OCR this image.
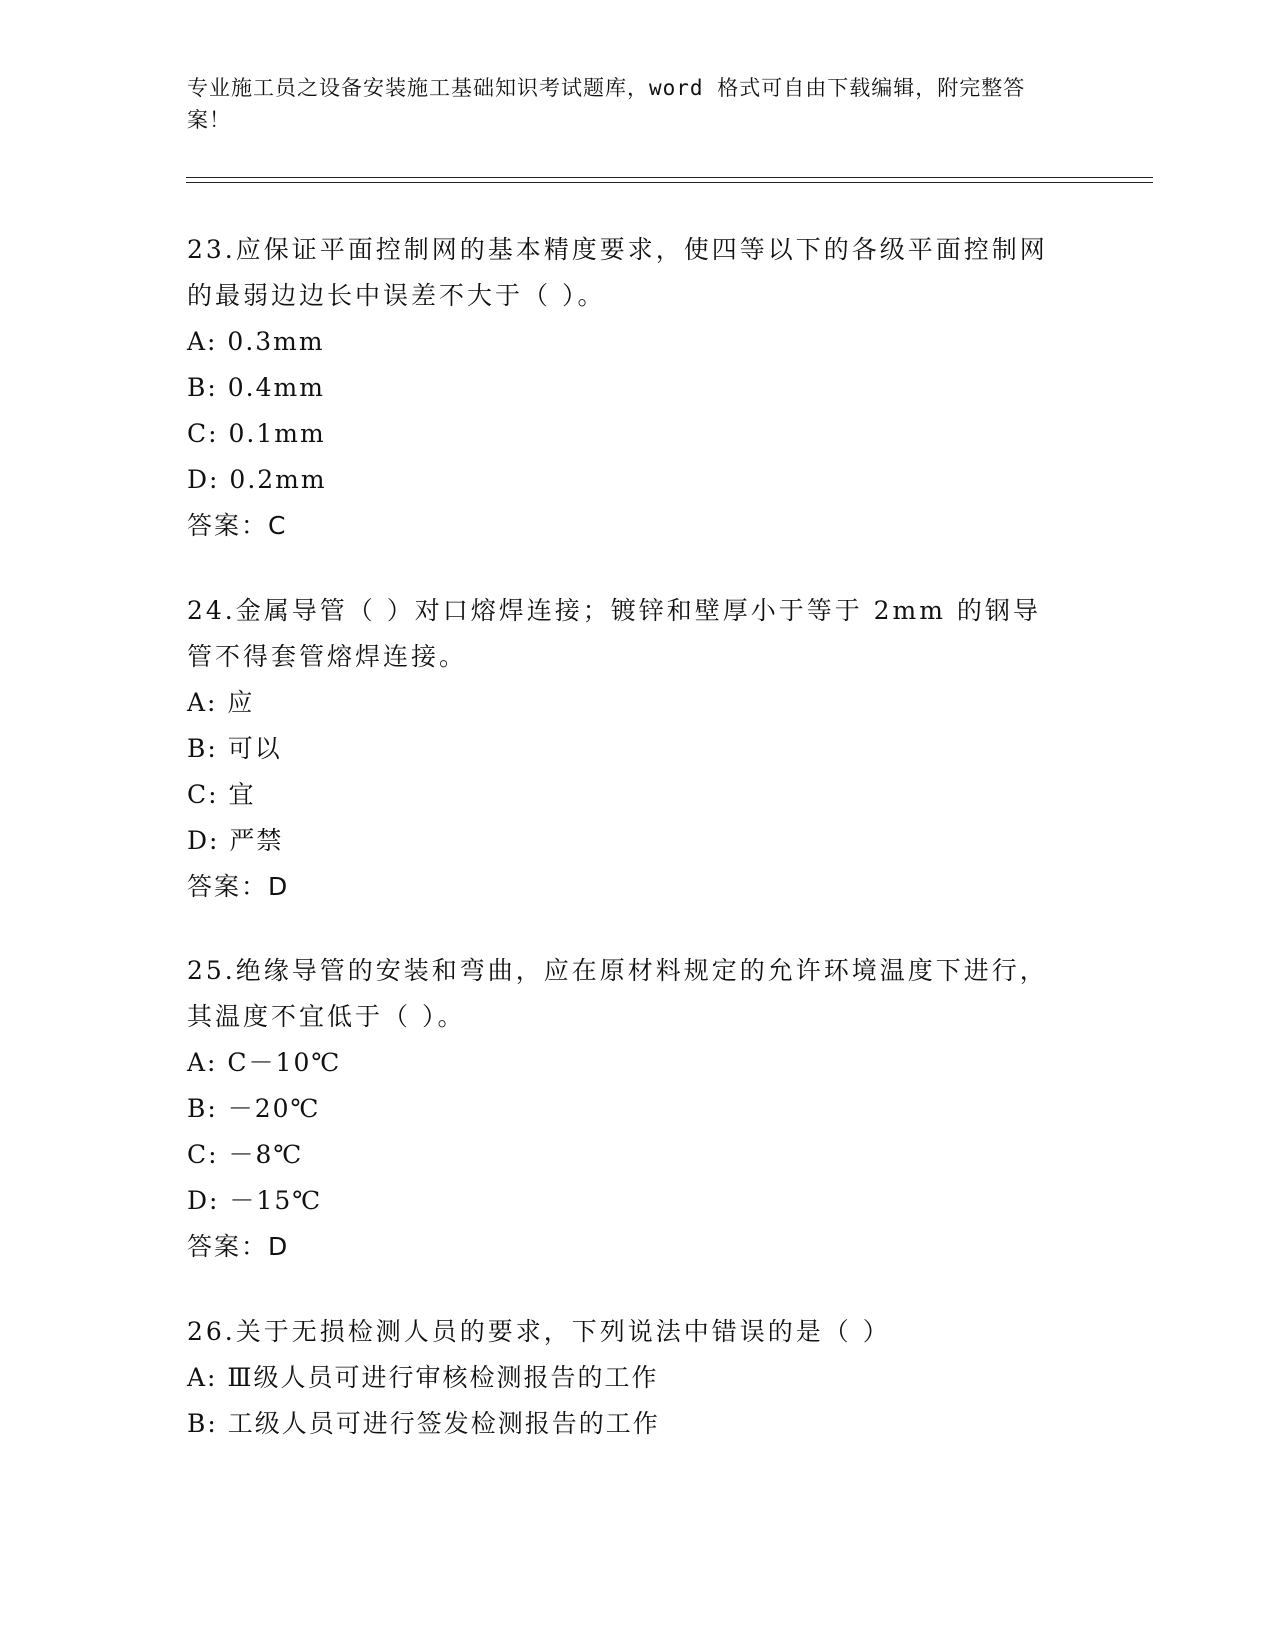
专业施工员之设备安装施工基础知识考试题库，word 格式可自由下载编辑，附完整答案！
23.应保证平面控制网的基本精度要求，使四等以下的各级平面控制网的最弱边边长中误差不大于（ ）。
A: 0.3mm
B: 0.4mm
C: 0.1mm
D: 0.2mm
答案：C
24.金属导管（ ）对口熔焊连接；镀锌和壁厚小于等于 2mm 的钢导管不得套管熔焊连接。
A: 应
B: 可以
C: 宜
D: 严禁
答案：D
25.绝缘导管的安装和弯曲，应在原材料规定的允许环境温度下进行，其温度不宜低于（ ）。
A: C－10℃
B: －20℃
C: －8℃
D: －15℃
答案：D
26.关于无损检测人员的要求，下列说法中错误的是（ ）
A: Ⅲ级人员可进行审核检测报告的工作
B: 工级人员可进行签发检测报告的工作
